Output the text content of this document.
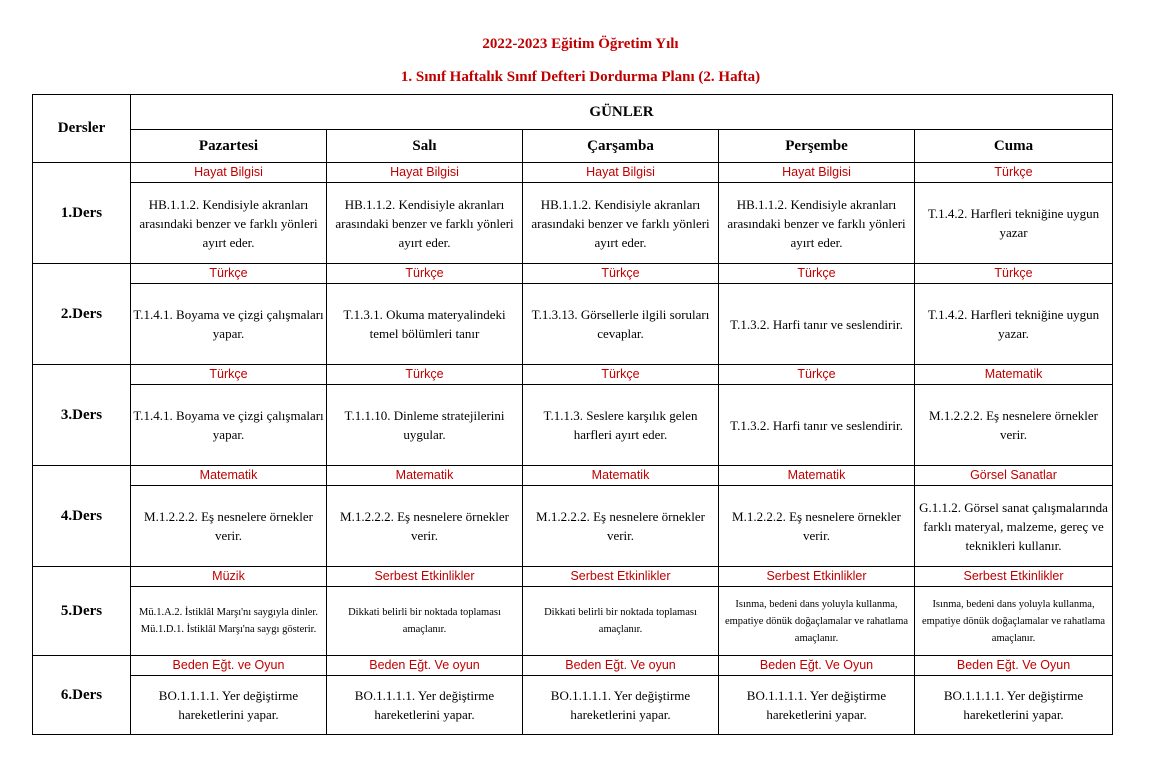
2022-2023 Eğitim Öğretim Yılı
1. Sınıf Haftalık Sınıf Defteri Dordurma Planı (2. Hafta)
Dersler	GÜNLER				
	Pazartesi	Salı	Çarşamba	Perşembe	Cuma
1.Ders	Hayat Bilgisi	Hayat Bilgisi	Hayat Bilgisi	Hayat Bilgisi	Türkçe
	HB.1.1.2. Kendisiyle akranları arasındaki benzer ve farklı yönleri ayırt eder.	HB.1.1.2. Kendisiyle akranları arasındaki benzer ve farklı yönleri ayırt eder.	HB.1.1.2. Kendisiyle akranları arasındaki benzer ve farklı yönleri ayırt eder.	HB.1.1.2. Kendisiyle akranları arasındaki benzer ve farklı yönleri ayırt eder.	T.1.4.2. Harfleri tekniğine uygun yazar
2.Ders	Türkçe	Türkçe	Türkçe	Türkçe	Türkçe
	T.1.4.1. Boyama ve çizgi çalışmaları yapar.	T.1.3.1. Okuma materyalindeki temel bölümleri tanır	T.1.3.13. Görsellerle ilgili soruları cevaplar.	T.1.3.2. Harfi tanır ve seslendirir.	T.1.4.2. Harfleri tekniğine uygun yazar.
3.Ders	Türkçe	Türkçe	Türkçe	Türkçe	Matematik
	T.1.4.1. Boyama ve çizgi çalışmaları yapar.	T.1.1.10. Dinleme stratejilerini uygular.	T.1.1.3. Seslere karşılık gelen harfleri ayırt eder.	T.1.3.2. Harfi tanır ve seslendirir.	M.1.2.2.2. Eş nesnelere örnekler verir.
4.Ders	Matematik	Matematik	Matematik	Matematik	Görsel Sanatlar
	M.1.2.2.2. Eş nesnelere örnekler verir.	M.1.2.2.2. Eş nesnelere örnekler verir.	M.1.2.2.2. Eş nesnelere örnekler verir.	M.1.2.2.2. Eş nesnelere örnekler verir.	G.1.1.2. Görsel sanat çalışmalarında farklı materyal, malzeme, gereç ve teknikleri kullanır.
5.Ders	Müzik	Serbest Etkinlikler	Serbest Etkinlikler	Serbest Etkinlikler	Serbest Etkinlikler
	Mü.1.A.2. İstiklâl Marşı'nı saygıyla dinler. Mü.1.D.1. İstiklâl Marşı'na saygı gösterir.	Dikkati belirli bir noktada toplaması amaçlanır.	Dikkati belirli bir noktada toplaması amaçlanır.	Isınma, bedeni dans yoluyla kullanma, empatiye dönük doğaçlamalar ve rahatlama amaçlanır.	Isınma, bedeni dans yoluyla kullanma, empatiye dönük doğaçlamalar ve rahatlama amaçlanır.
6.Ders	Beden Eğt. ve Oyun	Beden Eğt. Ve oyun	Beden Eğt. Ve oyun	Beden Eğt. Ve Oyun	Beden Eğt. Ve Oyun
	BO.1.1.1.1. Yer değiştirme hareketlerini yapar.	BO.1.1.1.1. Yer değiştirme hareketlerini yapar.	BO.1.1.1.1. Yer değiştirme hareketlerini yapar.	BO.1.1.1.1. Yer değiştirme hareketlerini yapar.	BO.1.1.1.1. Yer değiştirme hareketlerini yapar.
